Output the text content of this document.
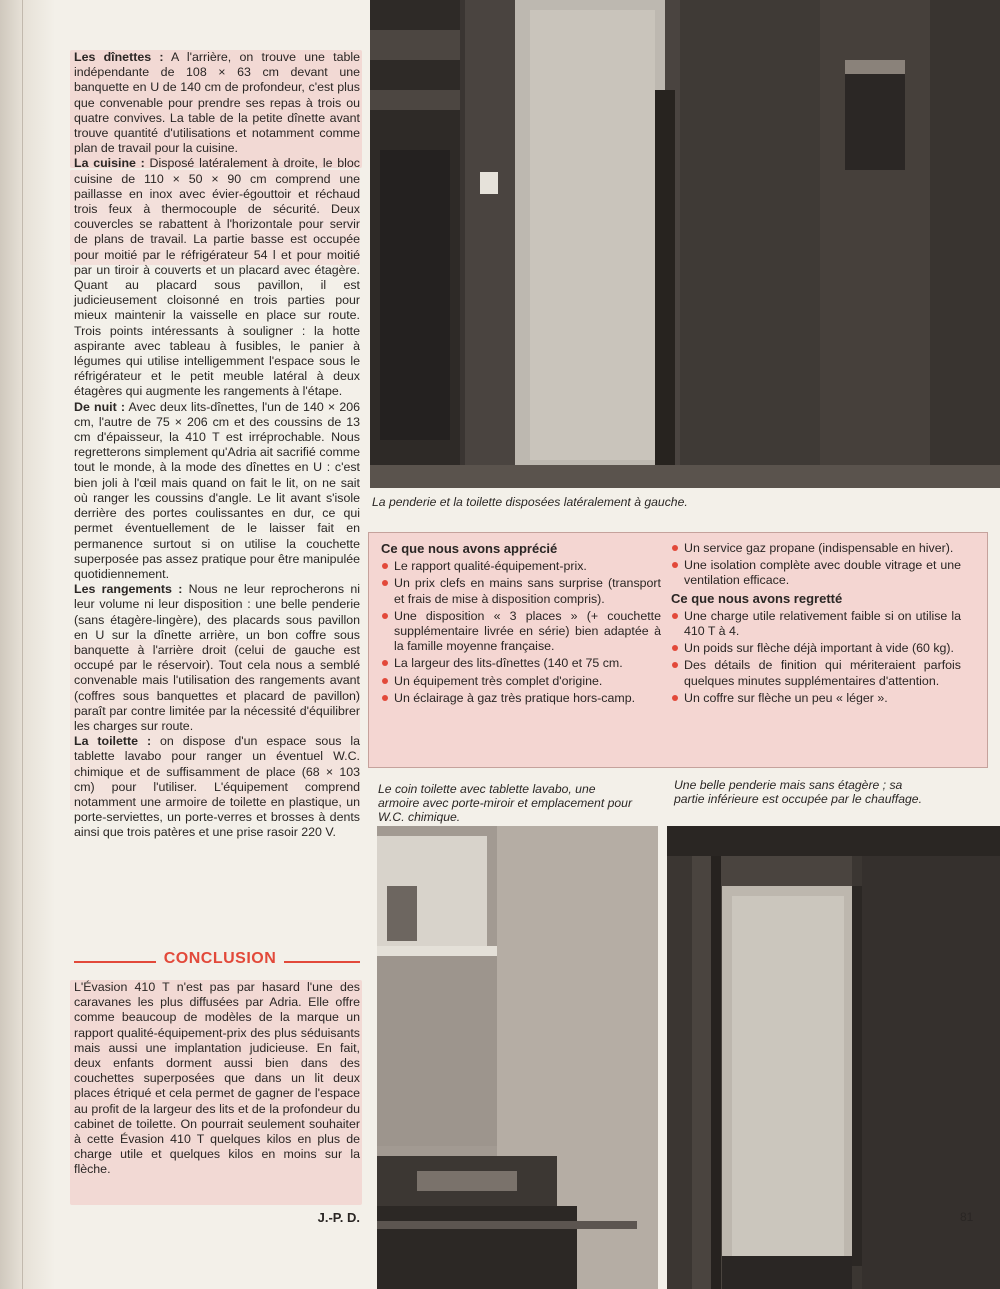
Les dînettes : A l'arrière, on trouve une table indépendante de 108 × 63 cm devant une banquette en U de 140 cm de profondeur, c'est plus que convenable pour prendre ses repas à trois ou quatre convives. La table de la petite dînette avant trouve quantité d'utilisations et notamment comme plan de travail pour la cuisine.

La cuisine : Disposé latéralement à droite, le bloc cuisine de 110 × 50 × 90 cm comprend une paillasse en inox avec évier-égouttoir et réchaud trois feux à thermocouple de sécurité. Deux couvercles se rabattent à l'horizontale pour servir de plans de travail. La partie basse est occupée pour moitié par le réfrigérateur 54 l et pour moitié par un tiroir à couverts et un placard avec étagère. Quant au placard sous pavillon, il est judicieusement cloisonné en trois parties pour mieux maintenir la vaisselle en place sur route. Trois points intéressants à souligner : la hotte aspirante avec tableau à fusibles, le panier à légumes qui utilise intelligemment l'espace sous le réfrigérateur et le petit meuble latéral à deux étagères qui augmente les rangements à l'étape.

De nuit : Avec deux lits-dînettes, l'un de 140 × 206 cm, l'autre de 75 × 206 cm et des coussins de 13 cm d'épaisseur, la 410 T est irréprochable. Nous regretterons simplement qu'Adria ait sacrifié comme tout le monde, à la mode des dînettes en U : c'est bien joli à l'œil mais quand on fait le lit, on ne sait où ranger les coussins d'angle. Le lit avant s'isole derrière des portes coulissantes en dur, ce qui permet éventuellement de le laisser fait en permanence surtout si on utilise la couchette superposée pas assez pratique pour être manipulée quotidiennement.

Les rangements : Nous ne leur reprocherons ni leur volume ni leur disposition : une belle penderie (sans étagère-lingère), des placards sous pavillon en U sur la dînette arrière, un bon coffre sous banquette à l'arrière droit (celui de gauche est occupé par le réservoir). Tout cela nous a semblé convenable mais l'utilisation des rangements avant (coffres sous banquettes et placard de pavillon) paraît par contre limitée par la nécessité d'équilibrer les charges sur route.

La toilette : on dispose d'un espace sous la tablette lavabo pour ranger un éventuel W.C. chimique et de suffisamment de place (68 × 103 cm) pour l'utiliser. L'équipement comprend notamment une armoire de toilette en plastique, un porte-serviettes, un porte-verres et brosses à dents ainsi que trois patères et une prise rasoir 220 V.

CONCLUSION
L'Évasion 410 T n'est pas par hasard l'une des caravanes les plus diffusées par Adria. Elle offre comme beaucoup de modèles de la marque un rapport qualité-équipement-prix des plus séduisants mais aussi une implantation judicieuse. En fait, deux enfants dorment aussi bien dans des couchettes superposées que dans un lit deux places étriqué et cela permet de gagner de l'espace au profit de la largeur des lits et de la profondeur du cabinet de toilette. On pourrait seulement souhaiter à cette Évasion 410 T quelques kilos en plus de charge utile et quelques kilos en moins sur la flèche.
J.-P. D.
La penderie et la toilette disposées latéralement à gauche.
Ce que nous avons apprécié
Le rapport qualité-équipement-prix.
Un prix clefs en mains sans surprise (transport et frais de mise à disposition compris).
Une disposition « 3 places » (+ couchette supplémentaire livrée en série) bien adaptée à la famille moyenne française.
La largeur des lits-dînettes (140 et 75 cm.
Un équipement très complet d'origine.
Un éclairage à gaz très pratique hors-camp.
Un service gaz propane (indispensable en hiver).
Une isolation complète avec double vitrage et une ventilation efficace.
Ce que nous avons regretté
Une charge utile relativement faible si on utilise la 410 T à 4.
Un poids sur flèche déjà important à vide (60 kg).
Des détails de finition qui mériteraient parfois quelques minutes supplémentaires d'attention.
Un coffre sur flèche un peu « léger ».
Le coin toilette avec tablette lavabo, une armoire avec porte-miroir et emplacement pour W.C. chimique.
Une belle penderie mais sans étagère ; sa partie inférieure est occupée par le chauffage.
81
